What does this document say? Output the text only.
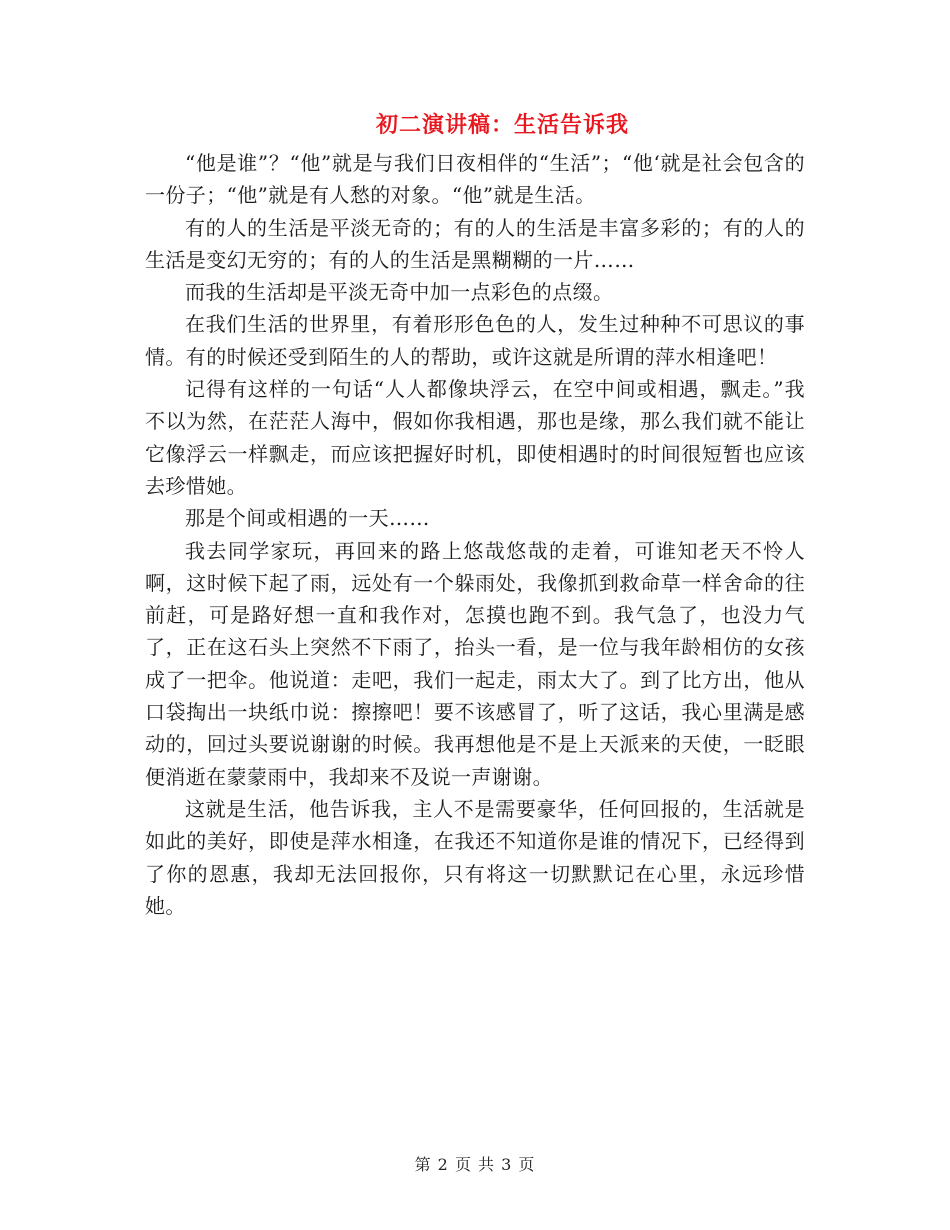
初二演讲稿：生活告诉我

“他是谁”？“他”就是与我们日夜相伴的“生活”；“他‘就是社会包含的一份子；“他”就是有人愁的对象。“他”就是生活。

有的人的生活是平淡无奇的；有的人的生活是丰富多彩的；有的人的生活是变幻无穷的；有的人的生活是黑糊糊的一片……

而我的生活却是平淡无奇中加一点彩色的点缀。

在我们生活的世界里，有着形形色色的人，发生过种种不可思议的事情。有的时候还受到陌生的人的帮助，或许这就是所谓的萍水相逢吧！

记得有这样的一句话“人人都像块浮云，在空中间或相遇，飘走。”我不以为然，在茫茫人海中，假如你我相遇，那也是缘，那么我们就不能让它像浮云一样飘走，而应该把握好时机，即使相遇时的时间很短暂也应该去珍惜她。

那是个间或相遇的一天……

我去同学家玩，再回来的路上悠哉悠哉的走着，可谁知老天不怜人啊，这时候下起了雨，远处有一个躲雨处，我像抓到救命草一样舍命的往前赶，可是路好想一直和我作对，怎摸也跑不到。我气急了，也没力气了，正在这石头上突然不下雨了，抬头一看，是一位与我年龄相仿的女孩成了一把伞。他说道：走吧，我们一起走，雨太大了。到了比方出，他从口袋掏出一块纸巾说：擦擦吧！要不该感冒了，听了这话，我心里满是感动的，回过头要说谢谢的时候。我再想他是不是上天派来的天使，一眨眼便消逝在蒙蒙雨中，我却来不及说一声谢谢。

这就是生活，他告诉我，主人不是需要豪华，任何回报的，生活就是如此的美好，即使是萍水相逢，在我还不知道你是谁的情况下，已经得到了你的恩惠，我却无法回报你，只有将这一切默默记在心里，永远珍惜她。

第 2 页 共 3 页
